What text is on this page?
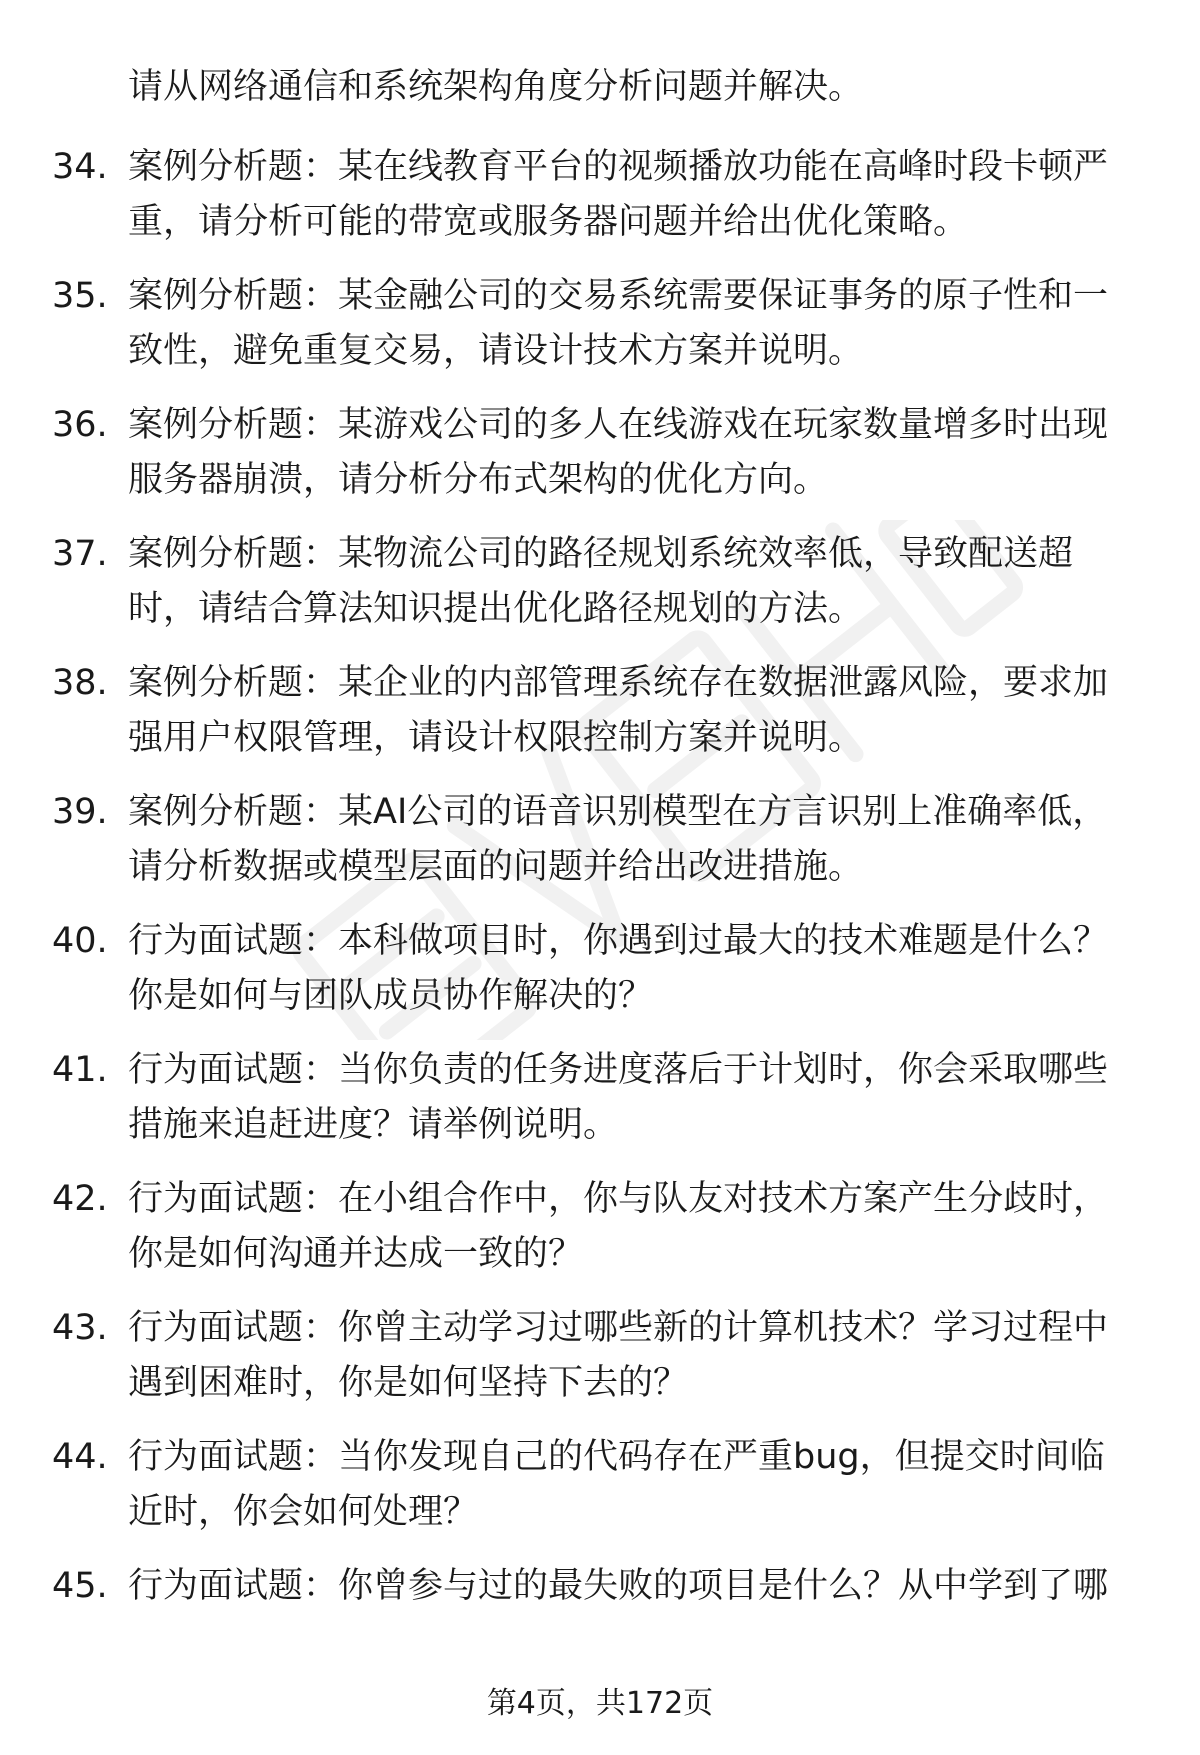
请从网络通信和系统架构角度分析问题并解决。
34. 案例分析题：某在线教育平台的视频播放功能在高峰时段卡顿严
重，请分析可能的带宽或服务器问题并给出优化策略。
35. 案例分析题：某金融公司的交易系统需要保证事务的原子性和一
致性，避免重复交易，请设计技术方案并说明。
36. 案例分析题：某游戏公司的多人在线游戏在玩家数量增多时出现
服务器崩溃，请分析分布式架构的优化方向。
37. 案例分析题：某物流公司的路径规划系统效率低，导致配送超
时，请结合算法知识提出优化路径规划的方法。
38. 案例分析题：某企业的内部管理系统存在数据泄露风险，要求加
强用户权限管理，请设计权限控制方案并说明。
39. 案例分析题：某AI公司的语音识别模型在方言识别上准确率低，
请分析数据或模型层面的问题并给出改进措施。
40. 行为面试题：本科做项目时，你遇到过最大的技术难题是什么？
你是如何与团队成员协作解决的？
41. 行为面试题：当你负责的任务进度落后于计划时，你会采取哪些
措施来追赶进度？请举例说明。
42. 行为面试题：在小组合作中，你与队友对技术方案产生分歧时，
你是如何沟通并达成一致的？
43. 行为面试题：你曾主动学习过哪些新的计算机技术？学习过程中
遇到困难时，你是如何坚持下去的？
44. 行为面试题：当你发现自己的代码存在严重bug，但提交时间临
近时，你会如何处理？
45. 行为面试题：你曾参与过的最失败的项目是什么？从中学到了哪
第4页，共172页
